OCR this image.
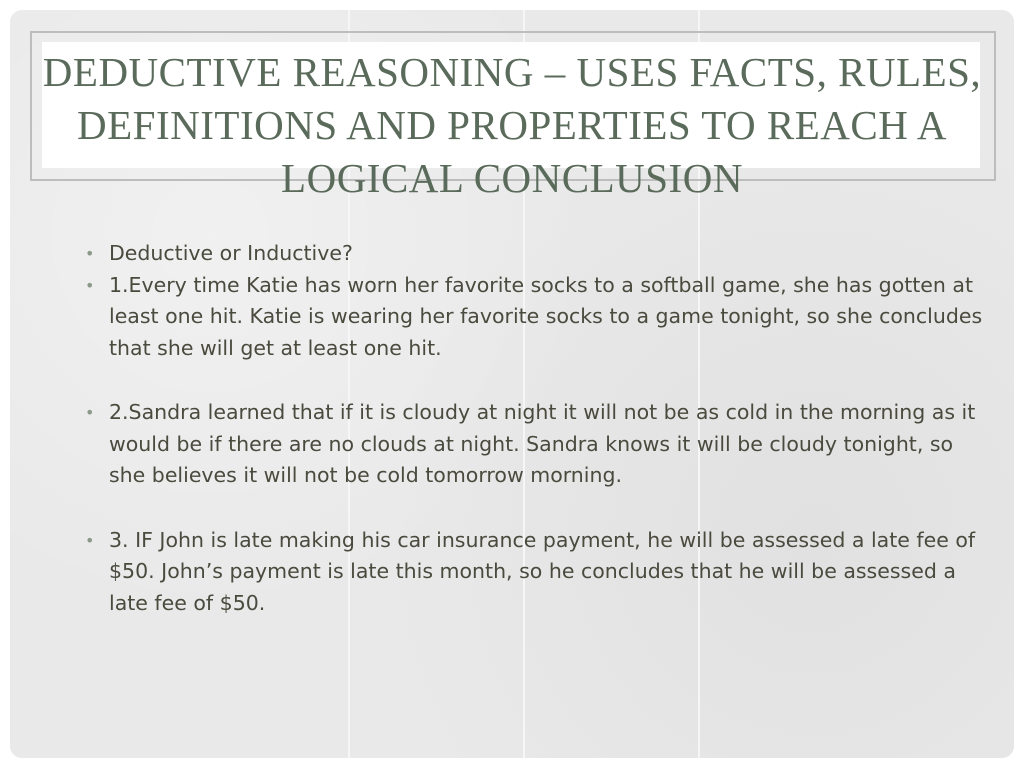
DEDUCTIVE REASONING – USES FACTS, RULES, DEFINITIONS AND PROPERTIES TO REACH A LOGICAL CONCLUSION
• Deductive or Inductive?
• 1.Every time Katie has worn her favorite socks to a softball game, she has gotten at least one hit. Katie is wearing her favorite socks to a game tonight, so she concludes that she will get at least one hit.
• 2.Sandra learned that if it is cloudy at night it will not be as cold in the morning as it would be if there are no clouds at night. Sandra knows it will be cloudy tonight, so she believes it will not be cold tomorrow morning.
• 3. IF John is late making his car insurance payment, he will be assessed a late fee of $50. John’s payment is late this month, so he concludes that he will be assessed a late fee of $50.
